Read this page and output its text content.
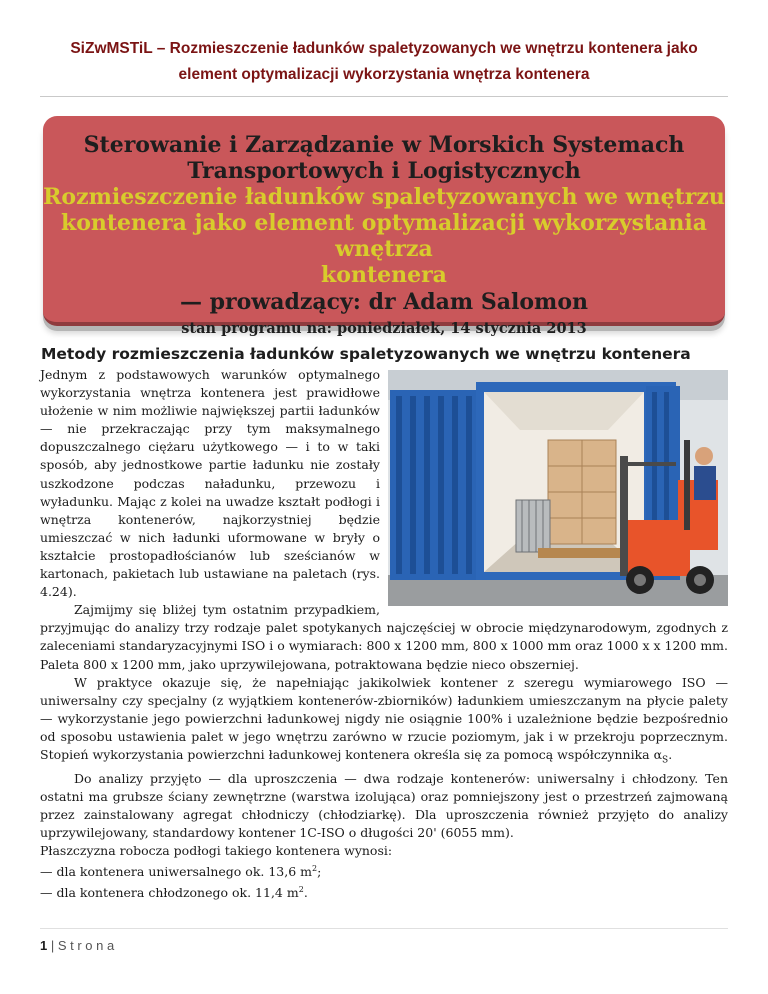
SiZwMSTiL – Rozmieszczenie ładunków spaletyzowanych we wnętrzu kontenera jako
element optymalizacji wykorzystania wnętrza kontenera
Sterowanie i Zarządzanie w Morskich Systemach
Transportowych i Logistycznych
Rozmieszczenie ładunków spaletyzowanych we wnętrzu
kontenera jako element optymalizacji wykorzystania wnętrza
kontenera
— prowadzący: dr Adam Salomon
stan programu na: poniedziałek, 14 stycznia 2013
Metody rozmieszczenia ładunków spaletyzowanych we wnętrzu kontenera

Jednym z podstawowych warunków optymalnego wykorzystania wnętrza kontenera jest prawidłowe ułożenie w nim możliwie największej partii ładunków — nie przekraczając przy tym maksymalnego dopuszczalnego ciężaru użytkowego — i to w taki sposób, aby jednostkowe partie ładunku nie zostały uszkodzone podczas naładunku, przewozu i wyładunku. Mając z kolei na uwadze kształt podłogi i wnętrza kontenerów, najkorzystniej będzie umieszczać w nich ładunki uformowane w bryły o kształcie prostopadłościanów lub sześcianów w kartonach, pakietach lub ustawiane na paletach (rys. 4.24).

Zajmijmy się bliżej tym ostatnim przypadkiem, przyjmując do analizy trzy rodzaje palet spotykanych najczęściej w obrocie międzynarodowym, zgodnych z zaleceniami standaryzacyjnymi ISO i o wymiarach: 800 x 1200 mm, 800 x 1000 mm oraz 1000 x x 1200 mm. Paleta 800 x 1200 mm, jako uprzywilejowana, potraktowana będzie nieco obszerniej.

W praktyce okazuje się, że napełniając jakikolwiek kontener z szeregu wymiarowego ISO — uniwersalny czy specjalny (z wyjątkiem kontenerów-zbiorników) ładunkiem umieszczanym na płycie palety — wykorzystanie jego powierzchni ładunkowej nigdy nie osiągnie 100% i uzależnione będzie bezpośrednio od sposobu ustawienia palet w jego wnętrzu zarówno w rzucie poziomym, jak i w przekroju poprzecznym. Stopień wykorzystania powierzchni ładunkowej kontenera określa się za pomocą współczynnika $\alpha_S$.

Do analizy przyjęto — dla uproszczenia — dwa rodzaje kontenerów: uniwersalny i chłodzony. Ten ostatni ma grubsze ściany zewnętrzne (warstwa izolująca) oraz pomniejszony jest o przestrzeń zajmowaną przez zainstalowany agregat chłodniczy (chłodziarkę). Dla uproszczenia również przyjęto do analizy uprzywilejowany, standardowy kontener 1C-ISO o długości 20' (6055 mm).

Płaszczyzna robocza podłogi takiego kontenera wynosi:

— dla kontenera uniwersalnego ok. 13,6 $m^2$;

— dla kontenera chłodzonego ok. 11,4 $m^2$.

1 | S t r o n a
